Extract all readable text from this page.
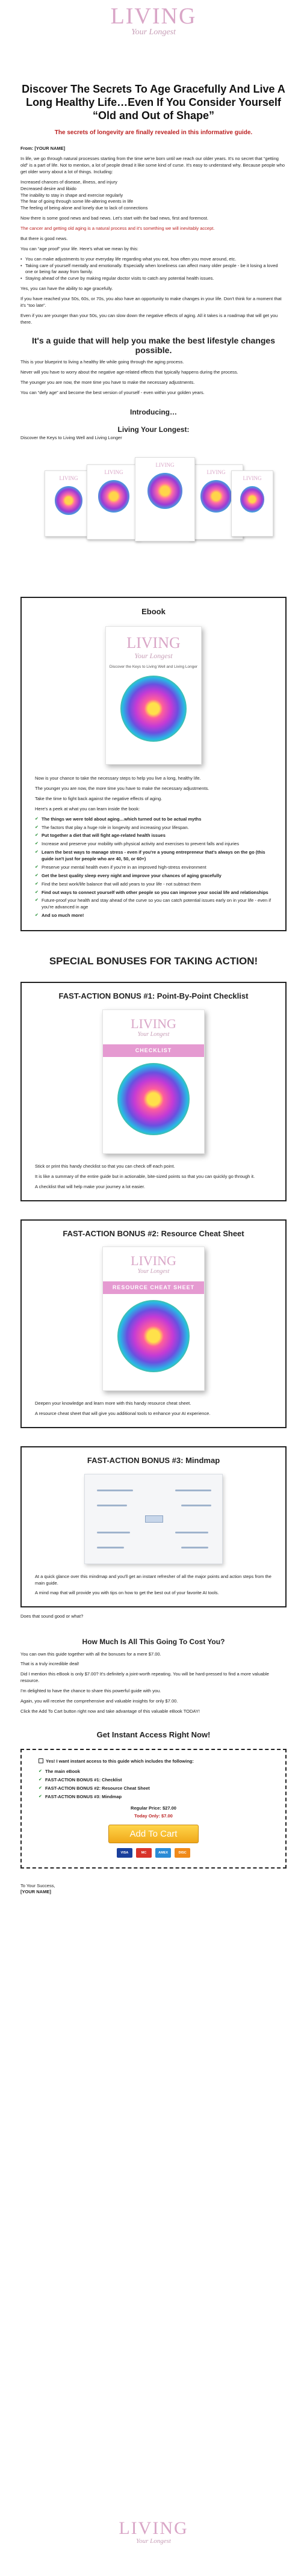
LIVING
Your Longest
Discover The Secrets To Age Gracefully And Live A Long Healthy Life…Even If You Consider Yourself “Old and Out of Shape”
The secrets of longevity are finally revealed in this informative guide.

From: [YOUR NAME]

In life, we go through natural processes starting from the time we're born until we reach our older years. It's no secret that “getting old” is a part of life. Not to mention, a lot of people dread it like some kind of curse. It's easy to understand why. Because people who get older worry about a lot of things. Including:

Increased chances of disease, illness, and injury
Decreased desire and libido
The inability to stay in shape and exercise regularly
The fear of going through some life-altering events in life
The feeling of being alone and lonely due to lack of connections

Now there is some good news and bad news. Let's start with the bad news, first and foremost.

The cancer and getting old aging is a natural process and it's something we will inevitably accept.

But there is good news.

You can “age proof” your life. Here's what we mean by this:

• You can make adjustments to your everyday life regarding what you eat, how often you move around, etc.
• Taking care of yourself mentally and emotionally. Especially when loneliness can affect many older people - be it losing a loved one or being far away from family.
• Staying ahead of the curve by making regular doctor visits to catch any potential health issues.

Yes, you can have the ability to age gracefully.

If you have reached your 50s, 60s, or 70s, you also have an opportunity to make changes in your life. Don't think for a moment that it's “too late”.

Even if you are younger than your 50s, you can slow down the negative effects of aging. All it takes is a roadmap that will get you there.

It's a guide that will help you make the best lifestyle changes possible.

This is your blueprint to living a healthy life while going through the aging process.

Never will you have to worry about the negative age-related effects that typically happens during the process.

The younger you are now, the more time you have to make the necessary adjustments.

You can “defy age” and become the best version of yourself - even within your golden years.

Introducing…
Living Your Longest:
Discover the Keys to Living Well and Living Longer
LIVING
LIVING
LIVING
LIVING
LIVING
Ebook
LIVING
Your Longest
Discover the Keys to Living Well and Living Longer

Now is your chance to take the necessary steps to help you live a long, healthy life.

The younger you are now, the more time you have to make the necessary adjustments.

Take the time to fight back against the negative effects of aging.

Here's a peek at what you can learn inside the book:

✔ The things we were told about aging…which turned out to be actual myths
✔ The factors that play a huge role in longevity and increasing your lifespan.
✔ Put together a diet that will fight age-related health issues
✔ Increase and preserve your mobility with physical activity and exercises to prevent falls and injuries
✔ Learn the best ways to manage stress - even if you're a young entrepreneur that's always on the go (this guide isn't just for people who are 40, 50, or 60+)
✔ Preserve your mental health even if you're in an improved high-stress environment
✔ Get the best quality sleep every night and improve your chances of aging gracefully
✔ Find the best work/life balance that will add years to your life - not subtract them
✔ Find out ways to connect yourself with other people so you can improve your social life and relationships
✔ Future-proof your health and stay ahead of the curve so you can catch potential issues early on in your life - even if you're advanced in age
✔ And so much more!
SPECIAL BONUSES FOR TAKING ACTION!
FAST-ACTION BONUS #1: Point-By-Point Checklist
LIVING
Your Longest
CHECKLIST

Stick or print this handy checklist so that you can check off each point.

It is like a summary of the entire guide but in actionable, bite-sized points so that you can quickly go through it.

A checklist that will help make your journey a lot easier.

FAST-ACTION BONUS #2: Resource Cheat Sheet
LIVING
Your Longest
RESOURCE CHEAT SHEET

Deepen your knowledge and learn more with this handy resource cheat sheet.

A resource cheat sheet that will give you additional tools to enhance your AI experience.

FAST-ACTION BONUS #3: Mindmap

At a quick glance over this mindmap and you'll get an instant refresher of all the major points and action steps from the main guide.

A mind map that will provide you with tips on how to get the best out of your favorite AI tools.

Does that sound good or what?

How Much Is All This Going To Cost You?

You can own this guide together with all the bonuses for a mere $7.00.

That is a truly incredible deal!

Did I mention this eBook is only $7.00? It's definitely a joint-worth repeating. You will be hard-pressed to find a more valuable resource.

I'm delighted to have the chance to share this powerful guide with you.

Again, you will receive the comprehensive and valuable insights for only $7.00.

Click the Add To Cart button right now and take advantage of this valuable eBook TODAY!

Get Instant Access Right Now!
Yes! I want instant access to this guide which includes the following:
✔ The main eBook
✔ FAST-ACTION BONUS #1: Checklist
✔ FAST-ACTION BONUS #2: Resource Cheat Sheet
✔ FAST-ACTION BONUS #3: Mindmap
Regular Price: $27.00
Today Only: $7.00
Add To Cart
VISA	MC	AMEX	DISC
To Your Success,
[YOUR NAME]
LIVING
Your Longest
